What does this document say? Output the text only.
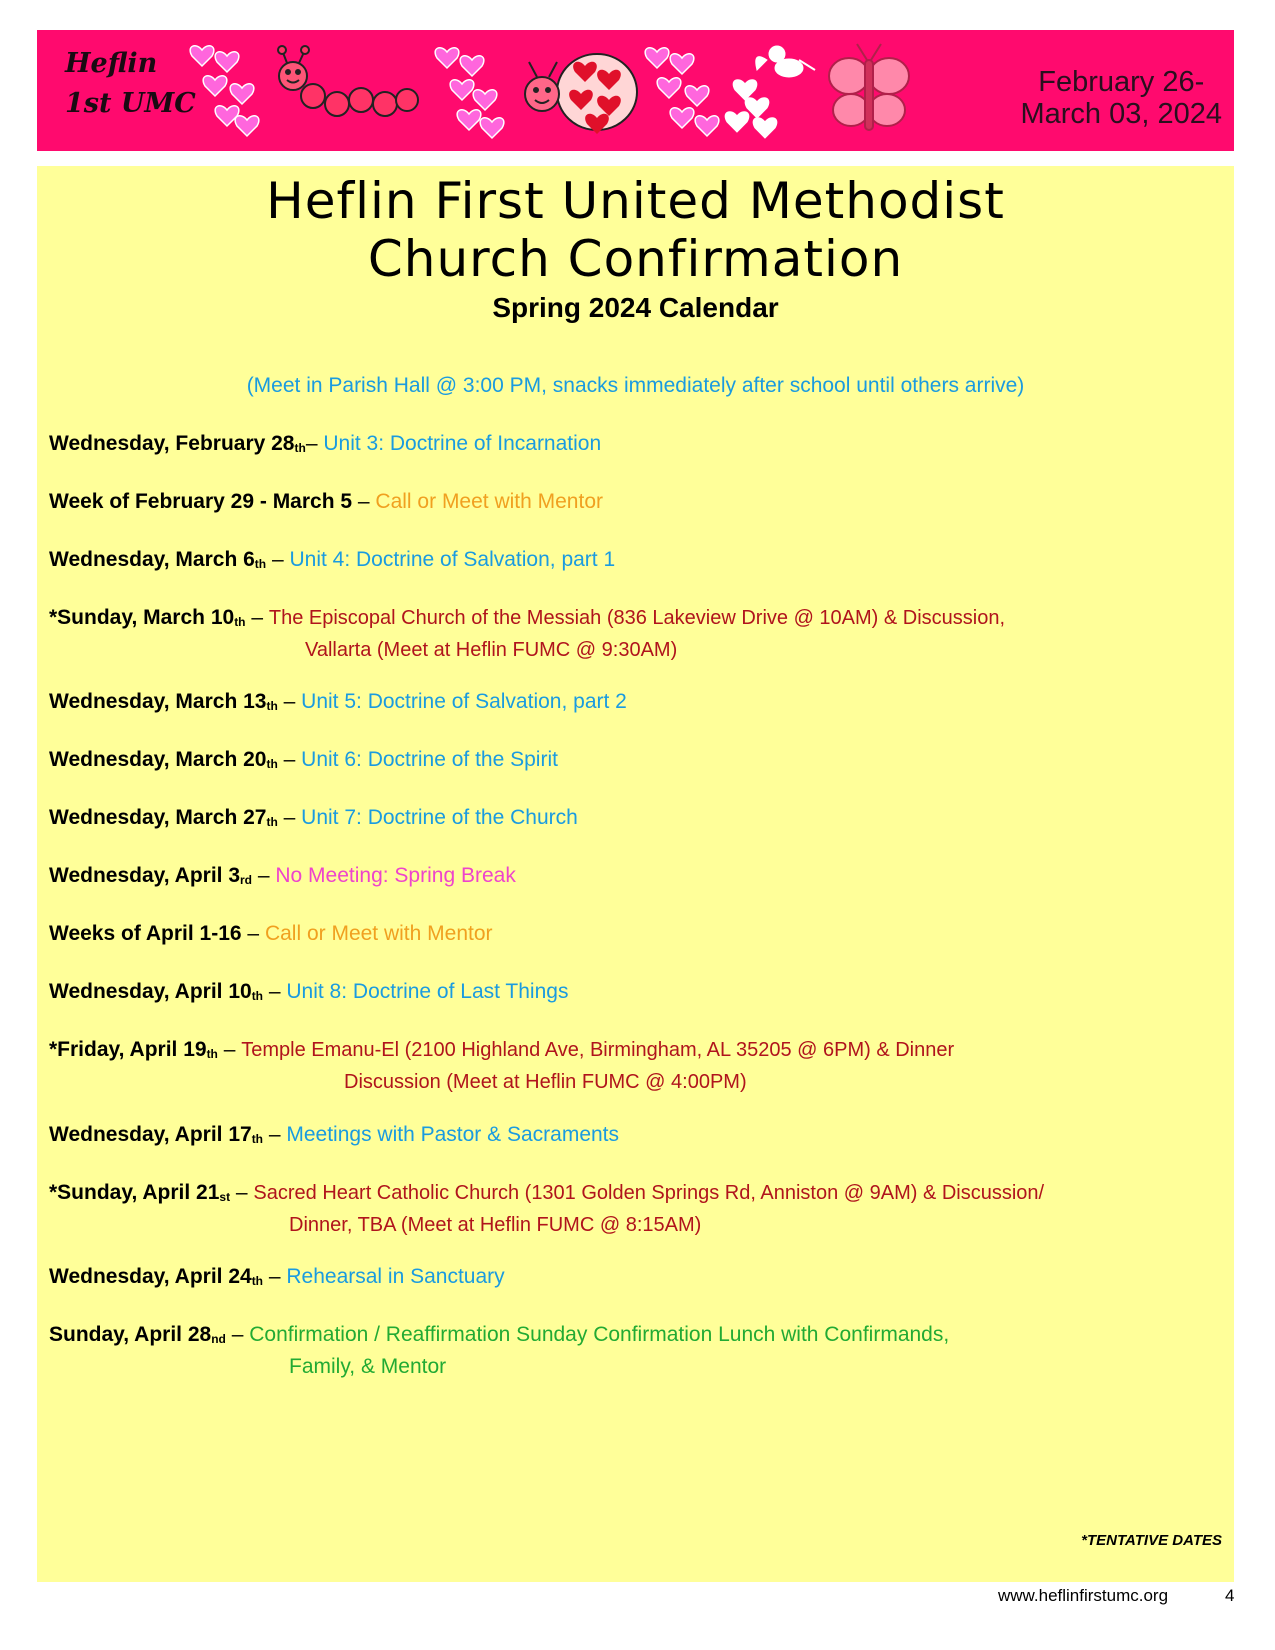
Heflin
1st UMC
February 26-
March 03, 2024
Heflin First United Methodist
Church Confirmation
Spring 2024 Calendar
(Meet in Parish Hall @ 3:00 PM, snacks immediately after school until others arrive)
Wednesday, February 28th– Unit 3: Doctrine of Incarnation
Week of February 29 - March 5 – Call or Meet with Mentor
Wednesday, March 6th – Unit 4: Doctrine of Salvation, part 1
*Sunday, March 10th – The Episcopal Church of the Messiah (836 Lakeview Drive @ 10AM) & Discussion,
Vallarta (Meet at Heflin FUMC @ 9:30AM)
Wednesday, March 13th – Unit 5: Doctrine of Salvation, part 2
Wednesday, March 20th – Unit 6: Doctrine of the Spirit
Wednesday, March 27th – Unit 7: Doctrine of the Church
Wednesday, April 3rd – No Meeting: Spring Break
Weeks of April 1-16 – Call or Meet with Mentor
Wednesday, April 10th – Unit 8: Doctrine of Last Things
*Friday, April 19th – Temple Emanu-El (2100 Highland Ave, Birmingham, AL 35205 @ 6PM) & Dinner
Discussion (Meet at Heflin FUMC @ 4:00PM)
Wednesday, April 17th – Meetings with Pastor & Sacraments
*Sunday, April 21st – Sacred Heart Catholic Church (1301 Golden Springs Rd, Anniston @ 9AM) & Discussion/
Dinner, TBA (Meet at Heflin FUMC @ 8:15AM)
Wednesday, April 24th – Rehearsal in Sanctuary
Sunday, April 28nd – Confirmation / Reaffirmation Sunday Confirmation Lunch with Confirmands,
Family, & Mentor
*TENTATIVE DATES
www.heflinfirstumc.org	4
